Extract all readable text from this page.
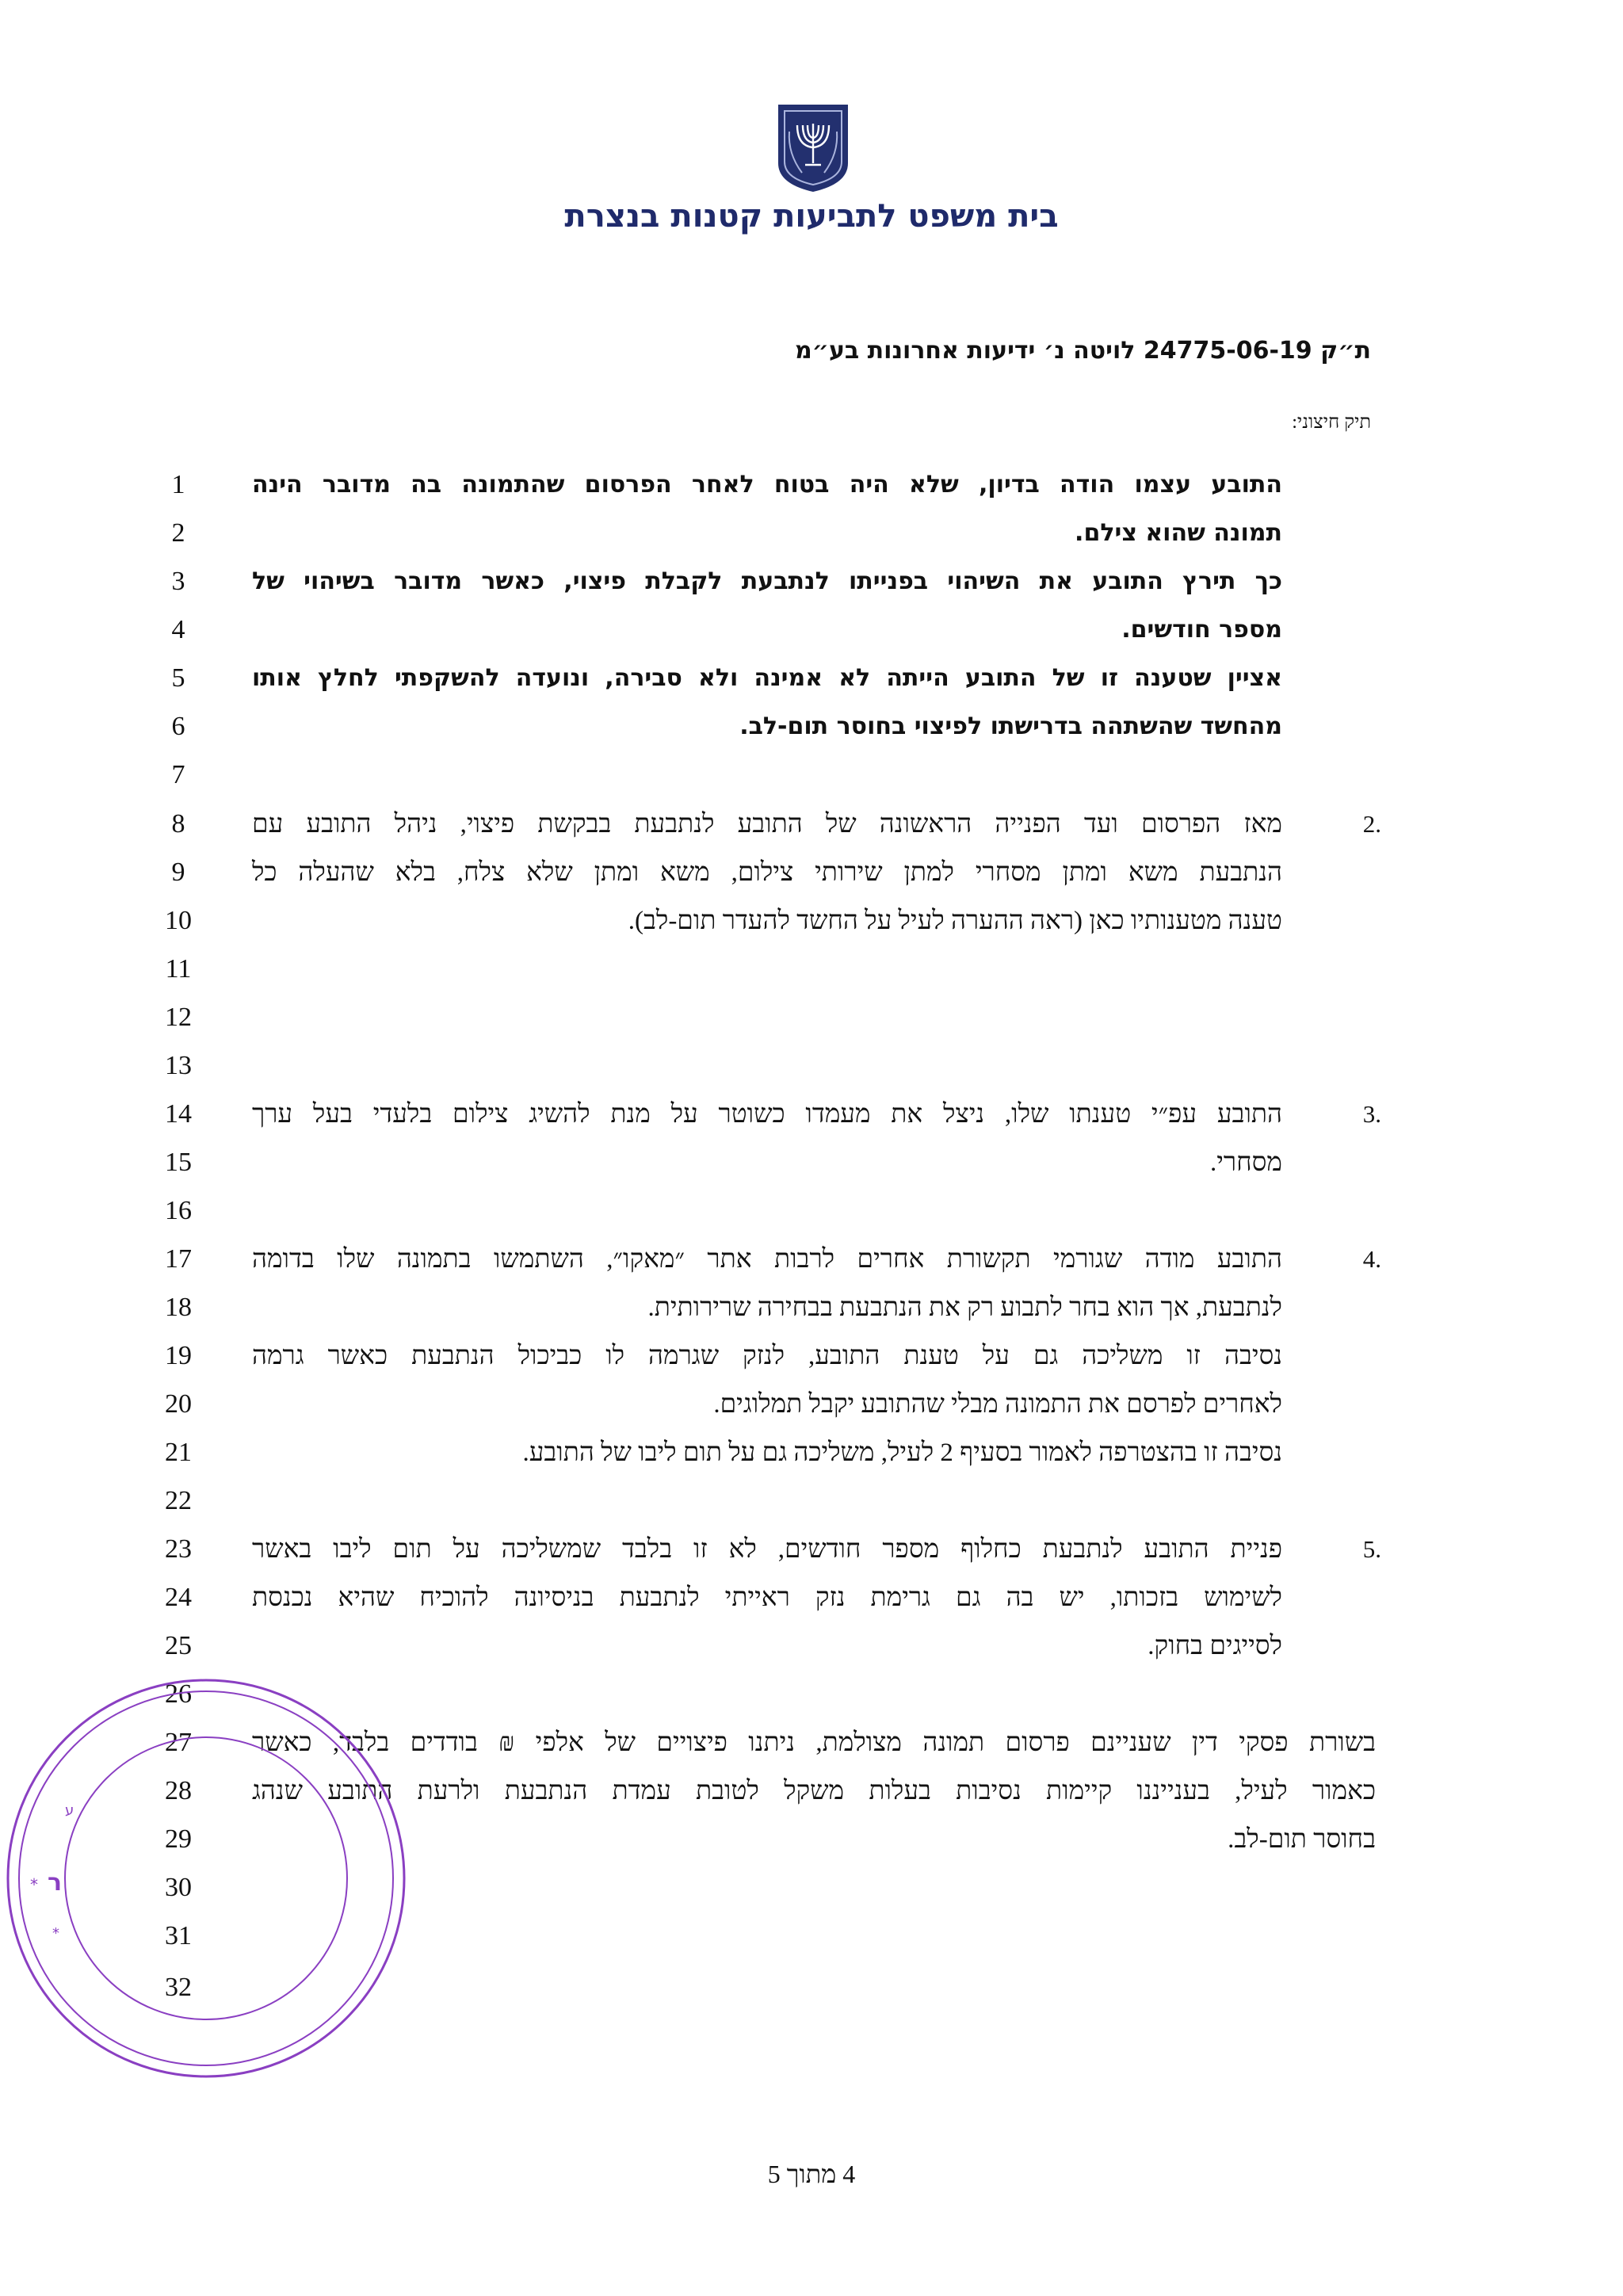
בית משפט לתביעות קטנות בנצרת
ת״ק 24775-06-19 לויטה נ׳ ידיעות אחרונות בע״מ
תיק חיצוני:
1
2
3
4
5
6
7
8
9
10
11
12
13
14
15
16
17
18
19
20
21
22
23
24
25
26
27
28
29
30
31
32
התובע עצמו הודה בדיון, שלא היה בטוח לאחר הפרסום שהתמונה בה מדובר הינה
תמונה שהוא צילם.
כך תירץ התובע את השיהוי בפנייתו לנתבעת לקבלת פיצוי, כאשר מדובר בשיהוי של
מספר חודשים.
אציין שטענה זו של התובע הייתה לא אמינה ולא סבירה, ונועדה להשקפתי לחלץ אותו
מהחשד שהשתהה בדרישתו לפיצוי בחוסר תום-לב.
2.
מאז הפרסום ועד הפנייה הראשונה של התובע לנתבעת בבקשת פיצוי, ניהל התובע עם
הנתבעת משא ומתן מסחרי למתן שירותי צילום, משא ומתן שלא צלח, בלא שהעלה כל
טענה מטענותיו כאן (ראה ההערה לעיל על החשד להעדר תום-לב).
3.
התובע עפ״י טענתו שלו, ניצל את מעמדו כשוטר על מנת להשיג צילום בלעדי בעל ערך
מסחרי.
4.
התובע מודה שגורמי תקשורת אחרים לרבות אתר ״מאקו״, השתמשו בתמונה שלו בדומה
לנתבעת, אך הוא בחר לתבוע רק את הנתבעת בבחירה שרירותית.
נסיבה זו משליכה גם על טענת התובע, לנזק שגרמה לו כביכול הנתבעת כאשר גרמה
לאחרים לפרסם את התמונה מבלי שהתובע יקבל תמלוגים.
נסיבה זו בהצטרפה לאמור בסעיף 2 לעיל, משליכה גם על תום ליבו של התובע.
5.
פניית התובע לנתבעת כחלוף מספר חודשים, לא זו בלבד שמשליכה על תום ליבו באשר
לשימוש בזכותו, יש בה גם גרימת נזק ראייתי לנתבעת בניסיונה להוכיח שהיא נכנסת
לסייגים בחוק.
בשורת פסקי דין שעניינם פרסום תמונה מצולמת, ניתנו פיצויים של אלפי ₪ בודדים בלבד, כאשר
כאמור לעיל, בענייננו קיימות נסיבות בעלות משקל לטובת עמדת הנתבעת ולרעת התובע שנהג
בחוסר תום-לב.
ר
*
*
ע
4 מתוך 5
